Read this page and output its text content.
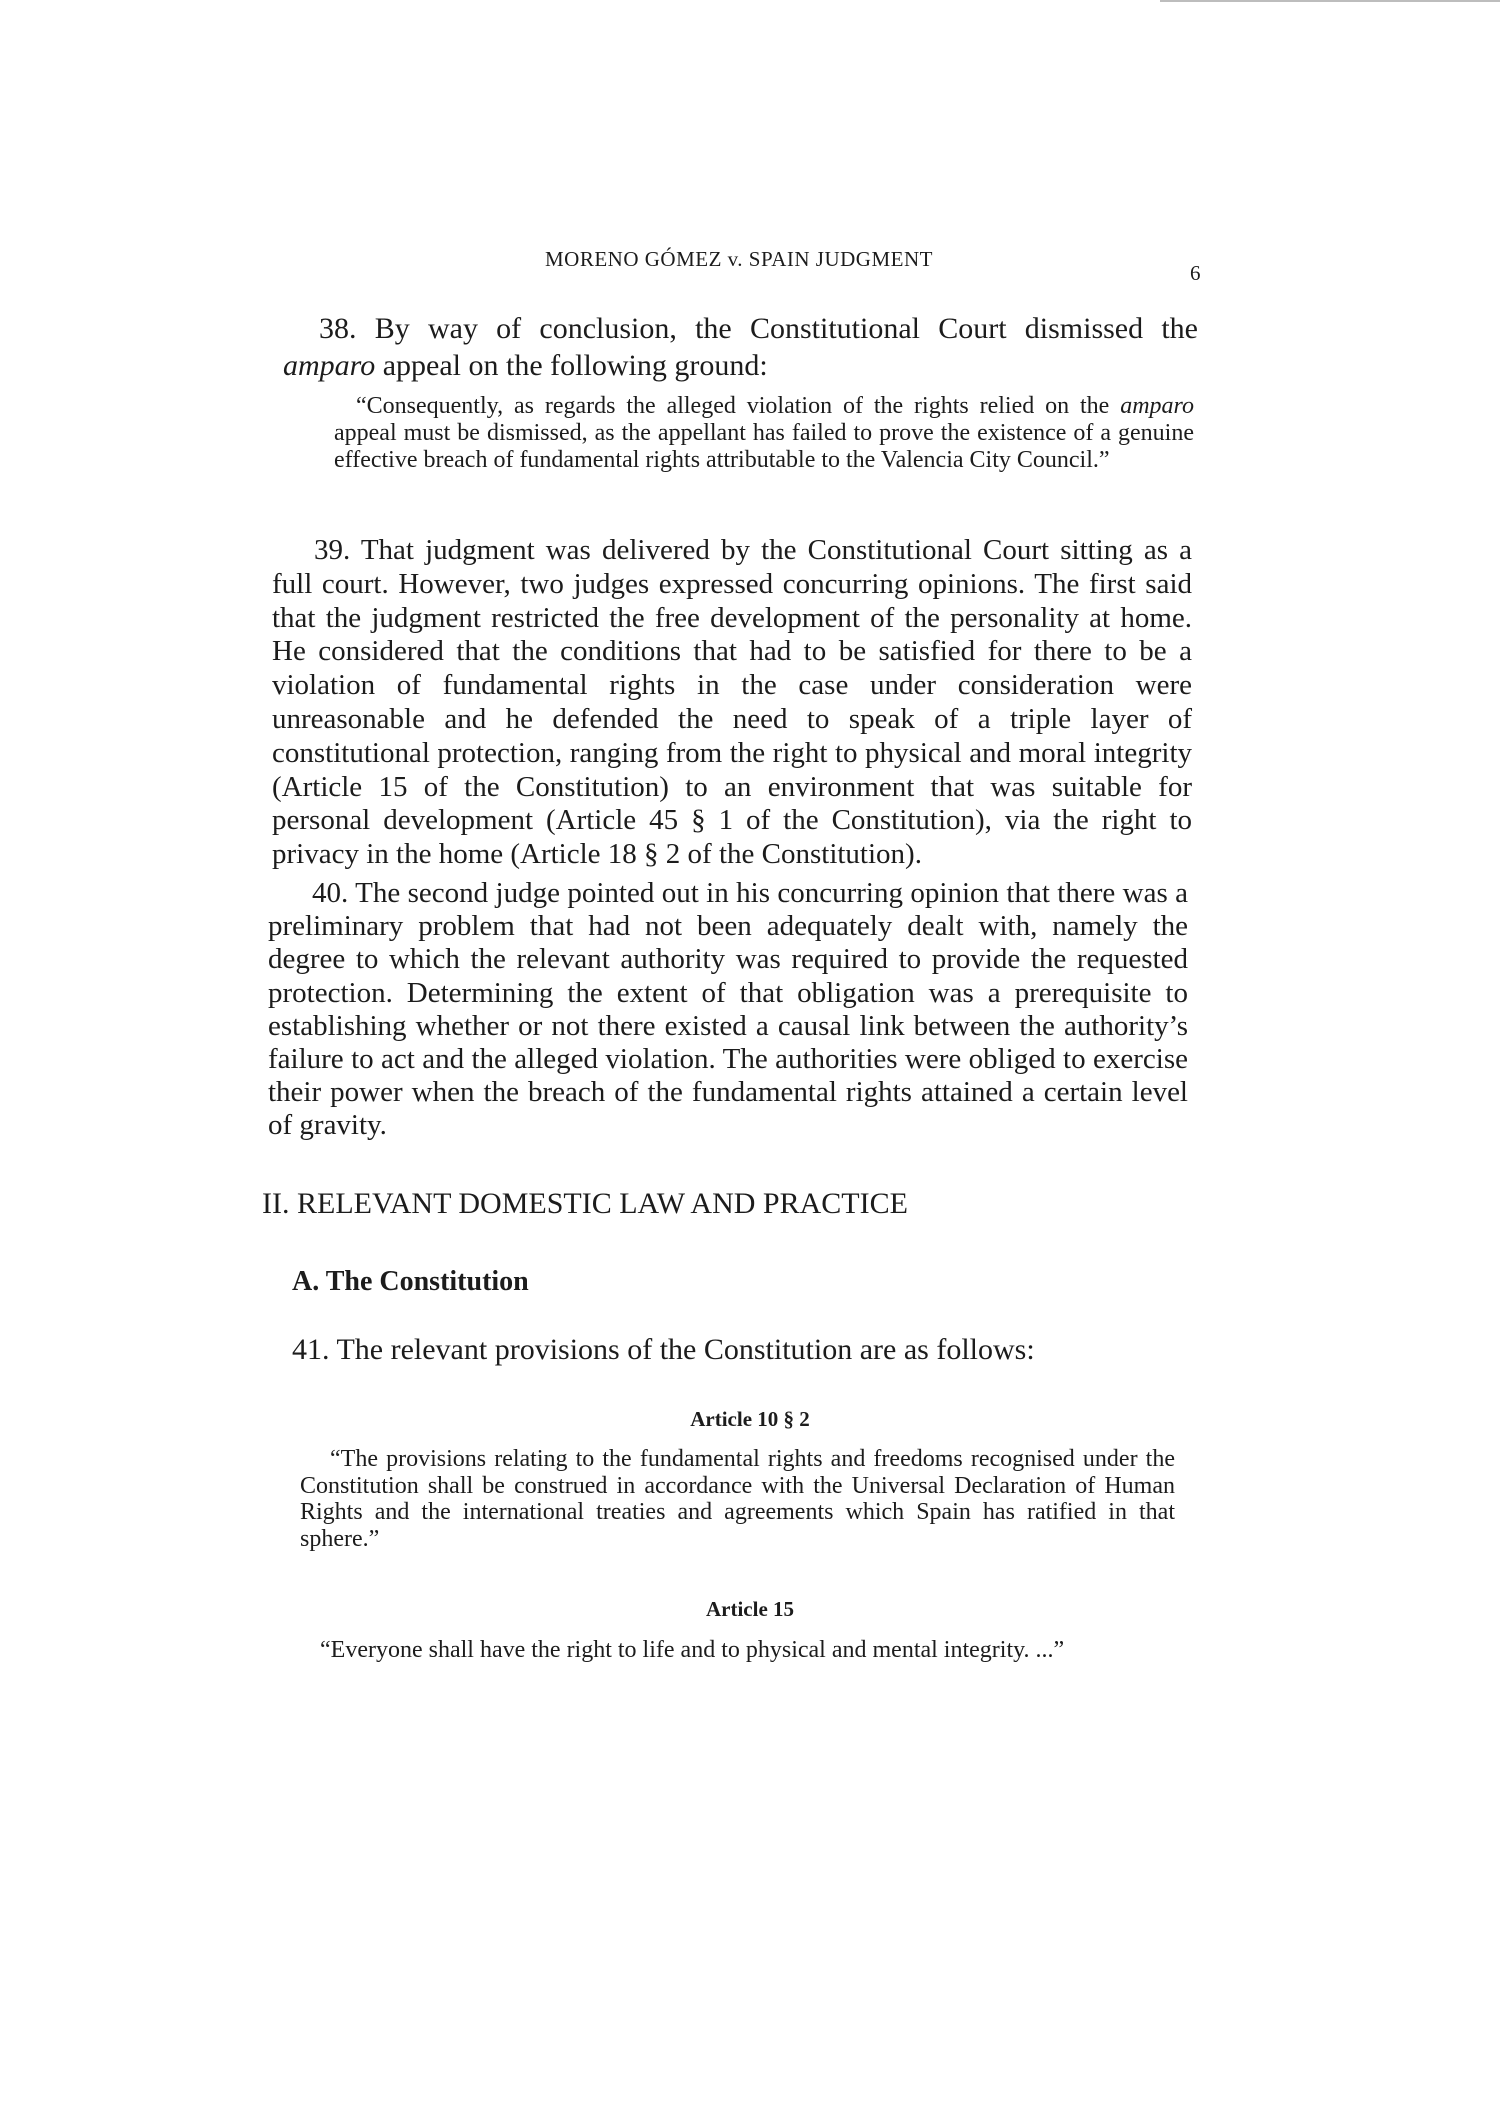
MORENO GÓMEZ v. SPAIN JUDGMENT
6

38. By way of conclusion, the Constitutional Court dismissed the amparo appeal on the following ground:

“Consequently, as regards the alleged violation of the rights relied on the amparo appeal must be dismissed, as the appellant has failed to prove the existence of a genuine effective breach of fundamental rights attributable to the Valencia City Council.”

39. That judgment was delivered by the Constitutional Court sitting as a full court. However, two judges expressed concurring opinions. The first said that the judgment restricted the free development of the personality at home. He considered that the conditions that had to be satisfied for there to be a violation of fundamental rights in the case under consideration were unreasonable and he defended the need to speak of a triple layer of constitutional protection, ranging from the right to physical and moral integrity (Article 15 of the Constitution) to an environment that was suitable for personal development (Article 45 § 1 of the Constitution), via the right to privacy in the home (Article 18 § 2 of the Constitution).

40. The second judge pointed out in his concurring opinion that there was a preliminary problem that had not been adequately dealt with, namely the degree to which the relevant authority was required to provide the requested protection. Determining the extent of that obligation was a prerequisite to establishing whether or not there existed a causal link between the authority’s failure to act and the alleged violation. The authorities were obliged to exercise their power when the breach of the fundamental rights attained a certain level of gravity.

II. RELEVANT DOMESTIC LAW AND PRACTICE
A. The Constitution

41. The relevant provisions of the Constitution are as follows:

Article 10 § 2

“The provisions relating to the fundamental rights and freedoms recognised under the Constitution shall be construed in accordance with the Universal Declaration of Human Rights and the international treaties and agreements which Spain has ratified in that sphere.”

Article 15

“Everyone shall have the right to life and to physical and mental integrity. ...”
